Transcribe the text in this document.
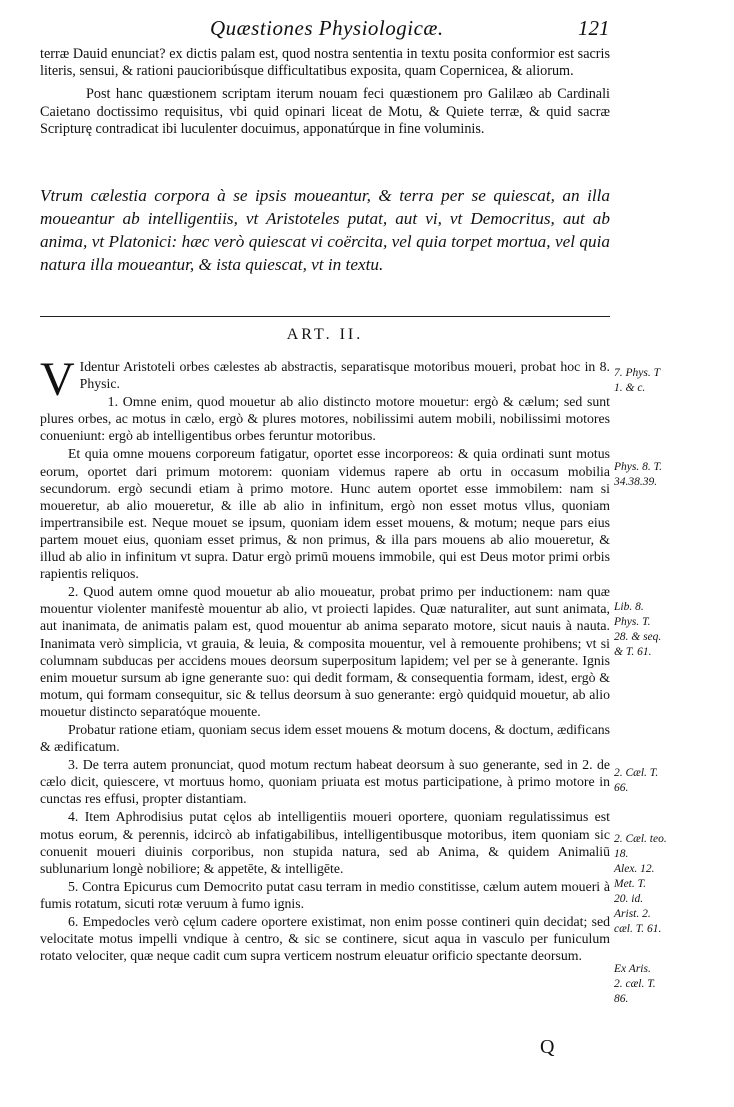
Quæstiones Physiologicæ.	121

terræ Dauid enunciat? ex dictis palam est, quod nostra sententia in textu posita conformior est sacris literis, sensui, & rationi paucioribúsque difficultatibus exposita, quam Copernicea, & aliorum.

Post hanc quæstionem scriptam iterum nouam feci quæstionem pro Galilæo ab Cardinali Caietano doctissimo requisitus, vbi quid opinari liceat de Motu, & Quiete terræ, & quid sacræ Scripturę contradicat ibi luculenter docuimus, apponatúrque in fine voluminis.

Vtrum cælestia corpora à se ipsis moueantur, & terra per se quiescat, an illa moueantur ab intelligentiis, vt Aristoteles putat, aut vi, vt Democritus, aut ab anima, vt Platonici: hæc verò quiescat vi coërcita, vel quia torpet mortua, vel quia natura illa moueantur, & ista quiescat, vt in textu.
ART. II.

V Identur Aristoteli orbes cælestes ab abstractis, separatisque motoribus moueri, probat hoc in 8. Physic.

1. Omne enim, quod mouetur ab alio distincto motore mouetur: ergò & cælum; sed sunt plures orbes, ac motus in cælo, ergò & plures motores, nobilissimi autem mobili, nobilissimi motores conueniunt: ergò ab intelligentibus orbes feruntur motoribus.

Et quia omne mouens corporeum fatigatur, oportet esse incorporeos: & quia ordinati sunt motus eorum, oportet dari primum motorem: quoniam videmus rapere ab ortu in occasum mobilia secundorum. ergò secundi etiam à primo motore. Hunc autem oportet esse immobilem: nam si moueretur, ab alio moueretur, & ille ab alio in infinitum, ergò non esset motus vllus, quoniam impertransibile est. Neque mouet se ipsum, quoniam idem esset mouens, & motum; neque pars eius partem mouet eius, quoniam esset primus, & non primus, & illa pars mouens ab alio moueretur, & illud ab alio in infinitum vt supra. Datur ergò primū mouens immobile, qui est Deus motor primi orbis rapientis reliquos.

2. Quod autem omne quod mouetur ab alio moueatur, probat primo per inductionem: nam quæ mouentur violenter manifestè mouentur ab alio, vt proiecti lapides. Quæ naturaliter, aut sunt animata, aut inanimata, de animatis palam est, quod mouentur ab anima separato motore, sicut nauis à nauta. Inanimata verò simplicia, vt grauia, & leuia, & composita mouentur, vel à remouente prohibens; vt si columnam subducas per accidens moues deorsum superpositum lapidem; vel per se à generante. Ignis enim mouetur sursum ab igne generante suo: qui dedit formam, & consequentia formam, idest, ergò & motum, qui formam consequitur, sic & tellus deorsum à suo generante: ergò quidquid mouetur, ab alio mouetur distincto separatóque mouente.

Probatur ratione etiam, quoniam secus idem esset mouens & motum docens, & doctum, ædificans & ædificatum.

3. De terra autem pronunciat, quod motum rectum habeat deorsum à suo generante, sed in 2. de cælo dicit, quiescere, vt mortuus homo, quoniam priuata est motus participatione, à primo motore in cunctas res effusi, propter distantiam.

4. Item Aphrodisius putat cęlos ab intelligentiis moueri oportere, quoniam regulatissimus est motus eorum, & perennis, idcircò ab infatigabilibus, intelligentibusque motoribus, item quoniam sic conuenit moueri diuinis corporibus, non stupida natura, sed ab Anima, & quidem Animaliū sublunarium longè nobiliore; & appetēte, & intelligēte.

5. Contra Epicurus cum Democrito putat casu terram in medio constitisse, cælum autem moueri à fumis rotatum, sicuti rotæ veruum à fumo ignis.

6. Empedocles verò cęlum cadere oportere existimat, non enim posse contineri quin decidat; sed velocitate motus impelli vndique à centro, & sic se continere, sicut aqua in vasculo per funiculum rotato velociter, quæ neque cadit cum supra verticem nostrum eleuatur orificio spectante deorsum.

7. Phys. T
1. & c.
Phys. 8. T.
34.38.39.
Lib. 8.
Phys. T.
28. & seq.
& T. 61.
2. Cæl. T.
66.
2. Cæl. teo.
18.
Alex. 12.
Met. T.
20. id.
Arist. 2.
cæl. T. 61.
Ex Aris.
2. cæl. T.
86.
Q
